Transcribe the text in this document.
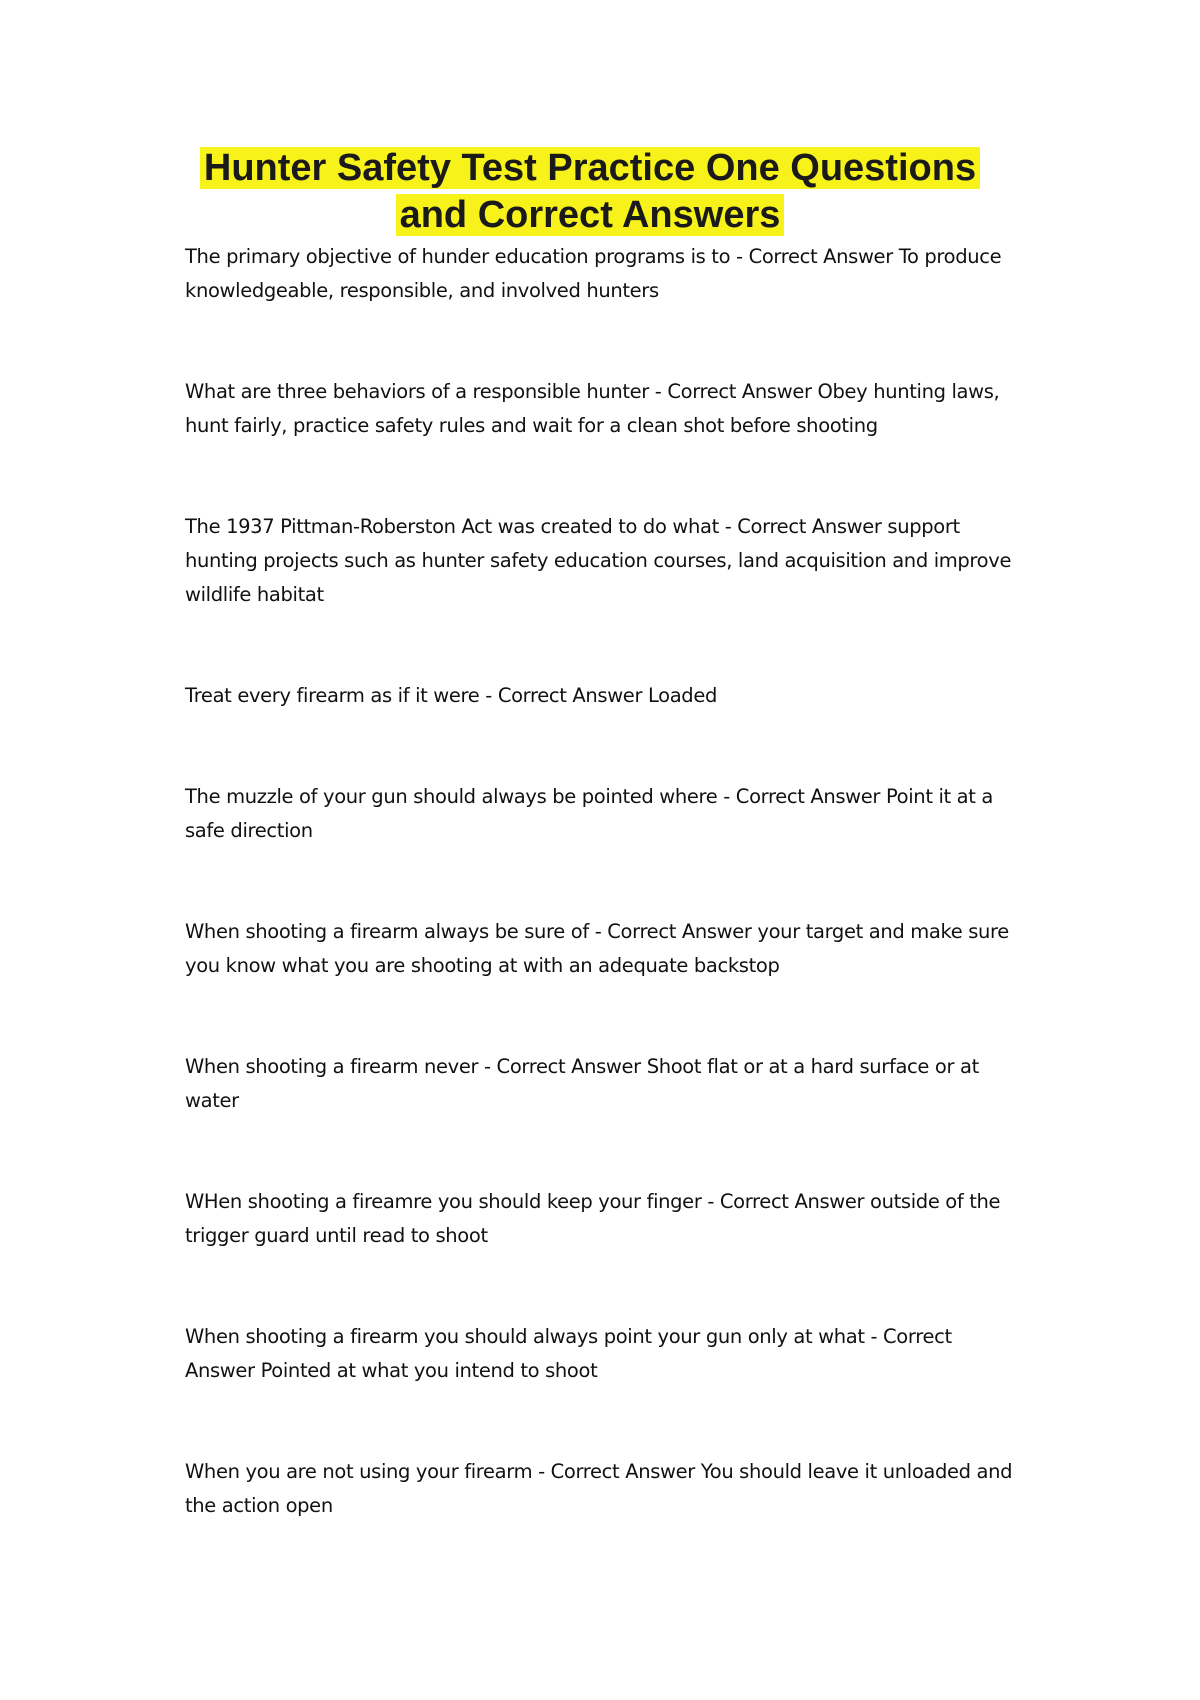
Hunter Safety Test Practice One Questions
and Correct Answers
The primary objective of hunder education programs is to - Correct Answer To produce knowledgeable, responsible, and involved hunters
What are three behaviors of a responsible hunter - Correct Answer Obey hunting laws, hunt fairly, practice safety rules and wait for a clean shot before shooting
The 1937 Pittman-Roberston Act was created to do what - Correct Answer support hunting projects such as hunter safety education courses, land acquisition and improve wildlife habitat
Treat every firearm as if it were - Correct Answer Loaded
The muzzle of your gun should always be pointed where - Correct Answer Point it at a safe direction
When shooting a firearm always be sure of - Correct Answer your target and make sure you know what you are shooting at with an adequate backstop
When shooting a firearm never - Correct Answer Shoot flat or at a hard surface or at water
WHen shooting a fireamre you should keep your finger - Correct Answer outside of the trigger guard until read to shoot
When shooting a firearm you should always point your gun only at what - Correct Answer Pointed at what you intend to shoot
When you are not using your firearm - Correct Answer You should leave it unloaded and the action open
